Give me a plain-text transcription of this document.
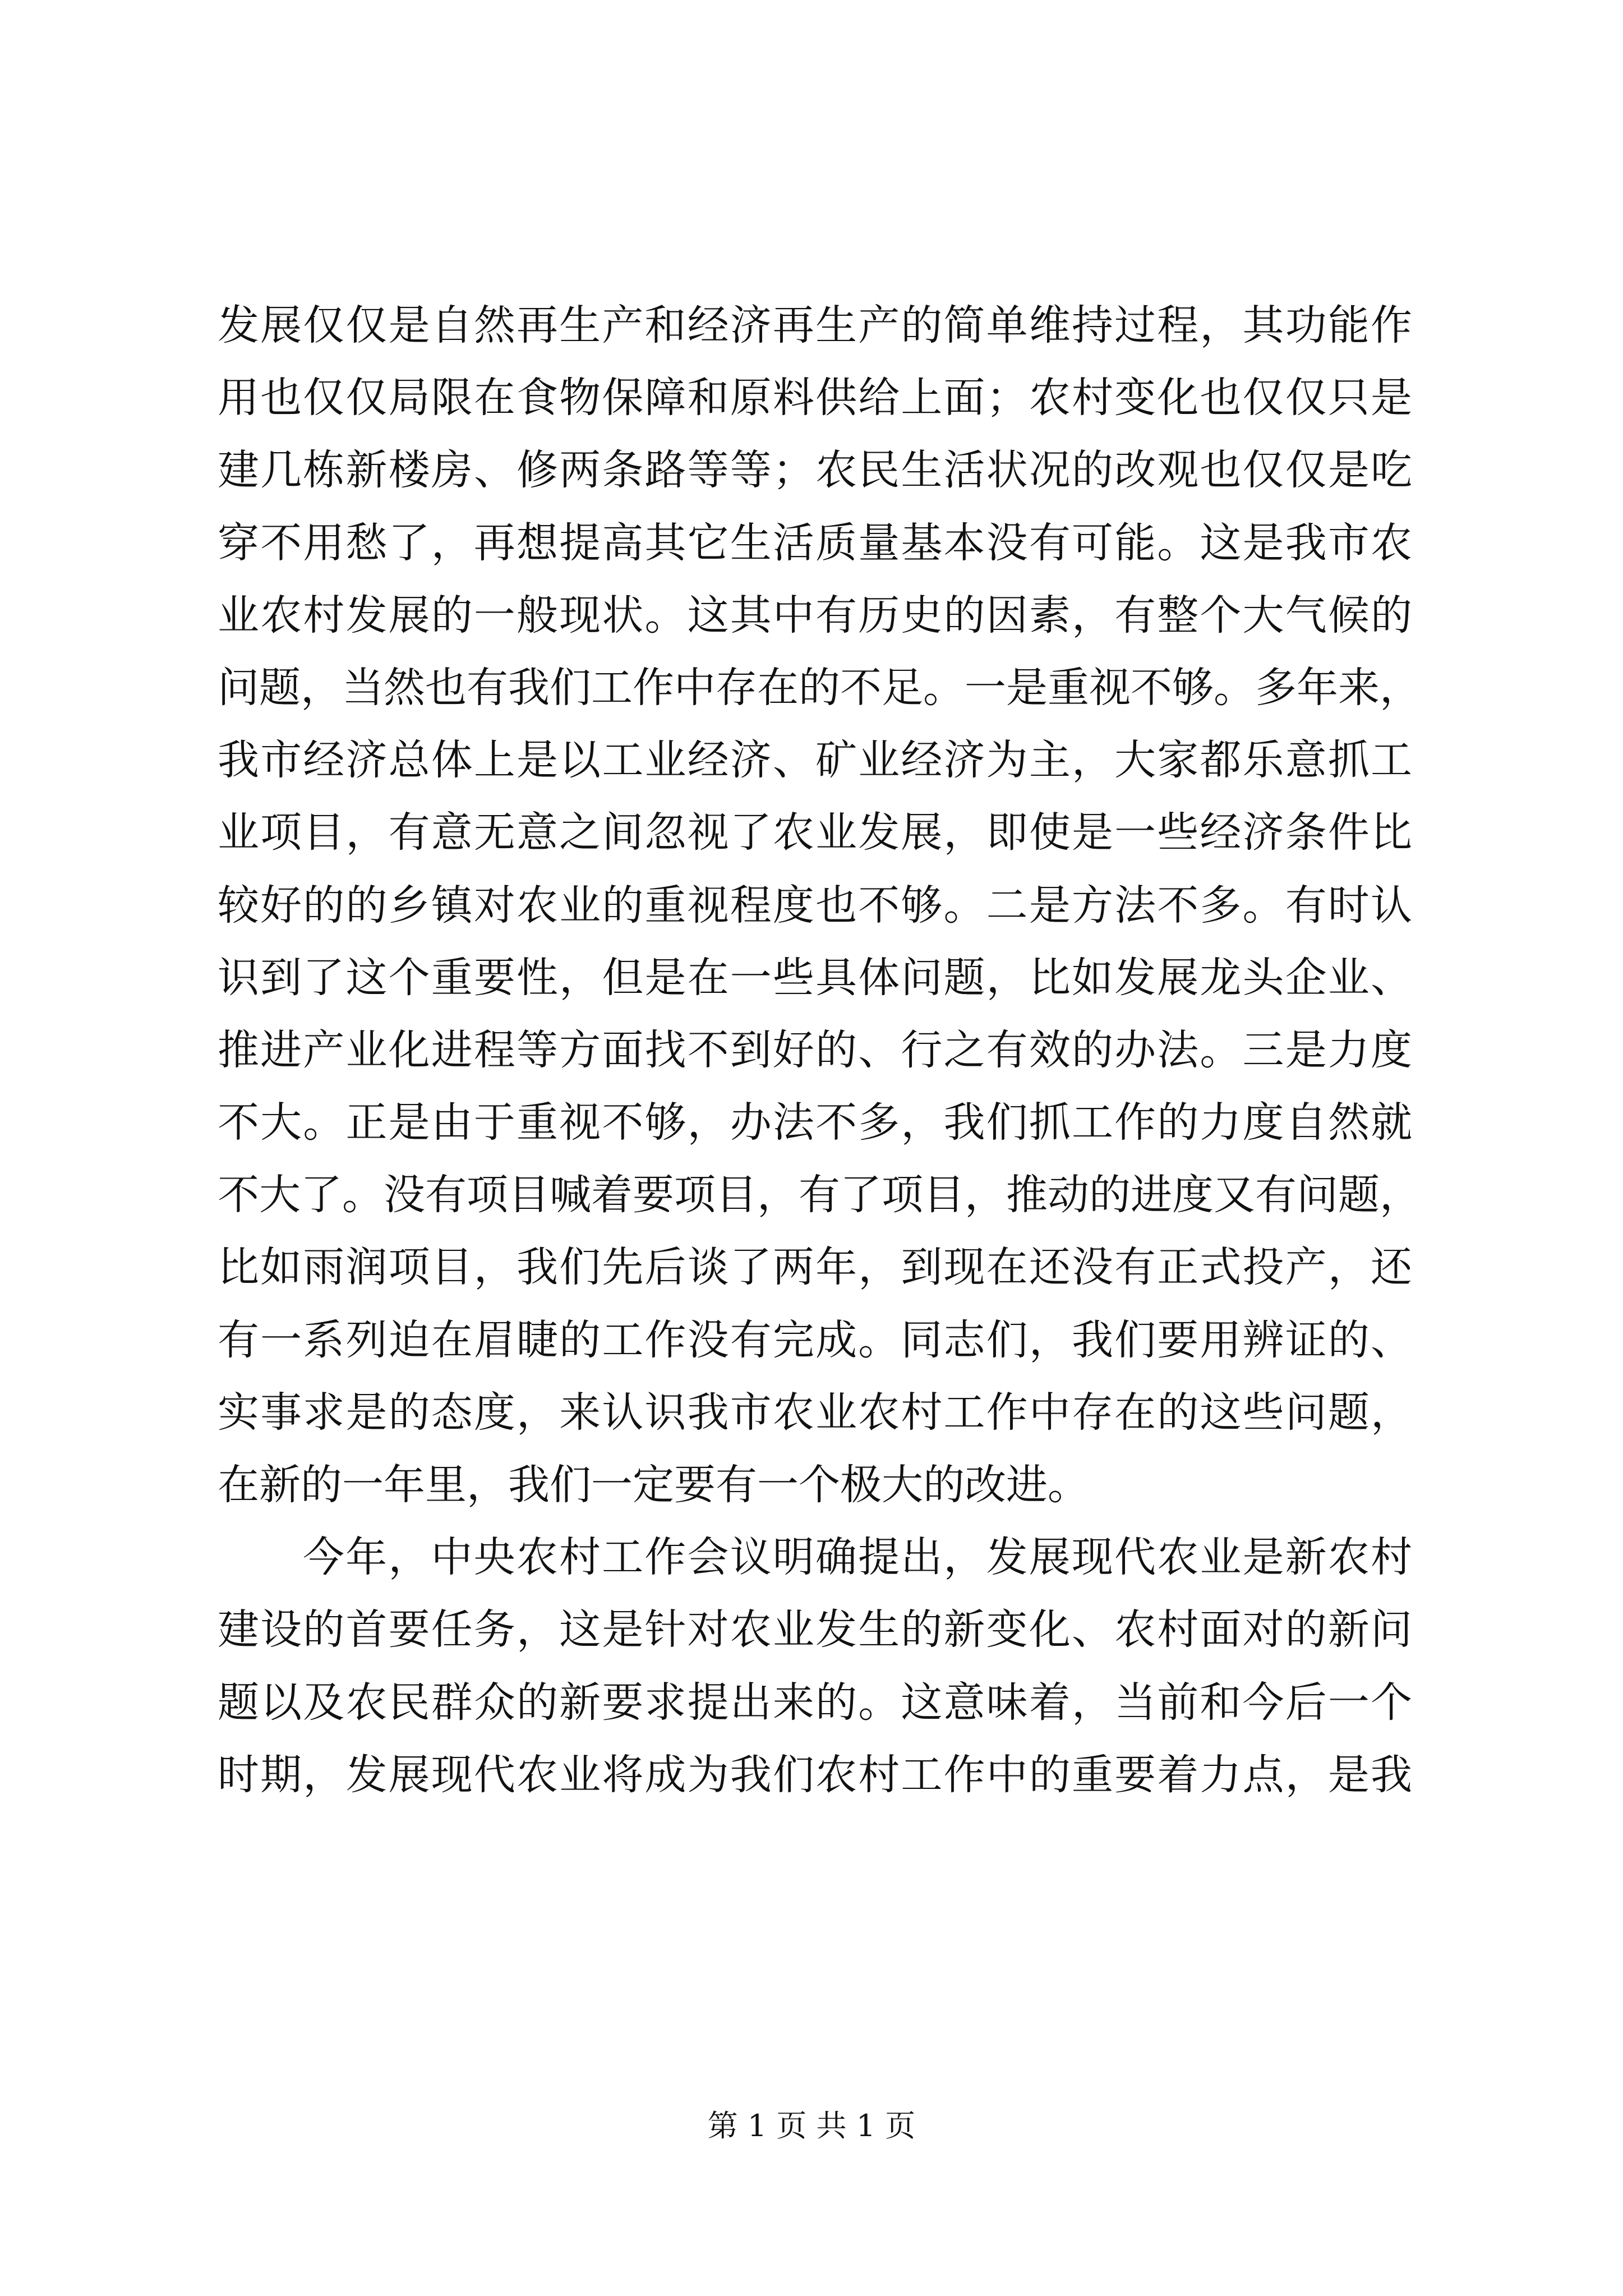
发展仅仅是自然再生产和经济再生产的简单维持过程，其功能作
用也仅仅局限在食物保障和原料供给上面；农村变化也仅仅只是
建几栋新楼房、修两条路等等；农民生活状况的改观也仅仅是吃
穿不用愁了，再想提高其它生活质量基本没有可能。这是我市农
业农村发展的一般现状。这其中有历史的因素，有整个大气候的
问题，当然也有我们工作中存在的不足。一是重视不够。多年来，
我市经济总体上是以工业经济、矿业经济为主，大家都乐意抓工
业项目，有意无意之间忽视了农业发展，即使是一些经济条件比
较好的的乡镇对农业的重视程度也不够。二是方法不多。有时认
识到了这个重要性，但是在一些具体问题，比如发展龙头企业、
推进产业化进程等方面找不到好的、行之有效的办法。三是力度
不大。正是由于重视不够，办法不多，我们抓工作的力度自然就
不大了。没有项目喊着要项目，有了项目，推动的进度又有问题，
比如雨润项目，我们先后谈了两年，到现在还没有正式投产，还
有一系列迫在眉睫的工作没有完成。同志们，我们要用辨证的、
实事求是的态度，来认识我市农业农村工作中存在的这些问题，
在新的一年里，我们一定要有一个极大的改进。
今年，中央农村工作会议明确提出，发展现代农业是新农村
建设的首要任务，这是针对农业发生的新变化、农村面对的新问
题以及农民群众的新要求提出来的。这意味着，当前和今后一个
时期，发展现代农业将成为我们农村工作中的重要着力点，是我
第 1 页 共 1 页
